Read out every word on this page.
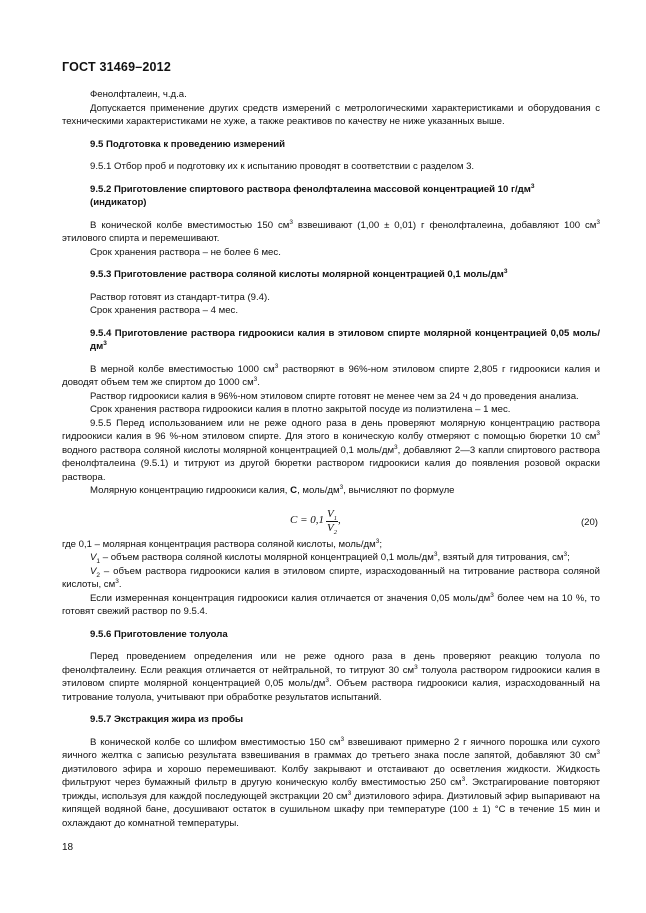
ГОСТ 31469–2012

Фенолфталеин, ч.д.а.

Допускается применение других средств измерений с метрологическими характеристиками и оборудования с техническими характеристиками не хуже, а также реактивов по качеству не ниже указанных выше.

9.5 Подготовка к проведению измерений

9.5.1 Отбор проб и подготовку их к испытанию проводят в соответствии с разделом 3.

9.5.2 Приготовление спиртового раствора фенолфталеина массовой концентрацией 10 $г/дм^3$
(индикатор)

В конической колбе вместимостью 150 $см^3$ взвешивают (1,00 ± 0,01) г фенолфталеина, добавляют 100 $см^3$ этилового спирта и перемешивают.

Срок хранения раствора – не более 6 мес.

9.5.3 Приготовление раствора соляной кислоты молярной концентрацией 0,1 моль/$дм^3$

Раствор готовят из стандарт-титра (9.4).

Срок хранения раствора – 4 мес.

9.5.4 Приготовление раствора гидроокиси калия в этиловом спирте молярной концентрацией 0,05 моль/$дм^3$

В мерной колбе вместимостью 1000 $см^3$ растворяют в 96%-ном этиловом спирте 2,805 г гидроокиси калия и доводят объем тем же спиртом до 1000 $см^3$.

Раствор гидроокиси калия в 96%-ном этиловом спирте готовят не менее чем за 24 ч до проведения анализа.

Срок хранения раствора гидроокиси калия в плотно закрытой посуде из полиэтилена – 1 мес.

9.5.5 Перед использованием или не реже одного раза в день проверяют молярную концентрацию раствора гидроокиси калия в 96 %-ном этиловом спирте. Для этого в коническую колбу отмеряют с помощью бюретки 10 $см^3$ водного раствора соляной кислоты молярной концентрацией 0,1 моль/$дм^3$, добавляют 2—3 капли спиртового раствора фенолфталеина (9.5.1) и титруют из другой бюретки раствором гидроокиси калия до появления розовой окраски раствора.

Молярную концентрацию гидроокиси калия, C, моль/$дм^3$, вычисляют по формуле

$C = 0,1 \frac{V_1}{V_2}$ ,	(20)

где 0,1 – молярная концентрация раствора соляной кислоты, моль/$дм^3$;

$V_1$ – объем раствора соляной кислоты молярной концентрацией 0,1 моль/$дм^3$, взятый для титрования, $см^3$;

$V_2$ – объем раствора гидроокиси калия в этиловом спирте, израсходованный на титрование раствора соляной кислоты, $см^3$.

Если измеренная концентрация гидроокиси калия отличается от значения 0,05 моль/$дм^3$ более чем на 10 %, то готовят свежий раствор по 9.5.4.

9.5.6 Приготовление толуола

Перед проведением определения или не реже одного раза в день проверяют реакцию толуола по фенолфталеину. Если реакция отличается от нейтральной, то титруют 30 $см^3$ толуола раствором гидроокиси калия в этиловом спирте молярной концентрацией 0,05 моль/$дм^3$. Объем раствора гидроокиси калия, израсходованный на титрование толуола, учитывают при обработке результатов испытаний.

9.5.7 Экстракция жира из пробы

В конической колбе со шлифом вместимостью 150 $см^3$ взвешивают примерно 2 г яичного порошка или сухого яичного желтка с записью результата взвешивания в граммах до третьего знака после запятой, добавляют 30 $см^3$ диэтилового эфира и хорошо перемешивают. Колбу закрывают и отстаивают до осветления жидкости. Жидкость фильтруют через бумажный фильтр в другую коническую колбу вместимостью 250 $см^3$. Экстрагирование повторяют трижды, используя для каждой последующей экстракции 20 $см^3$ диэтилового эфира. Диэтиловый эфир выпаривают на кипящей водяной бане, досушивают остаток в сушильном шкафу при температуре (100 ± 1) °С в течение 15 мин и охлаждают до комнатной температуры.

18
